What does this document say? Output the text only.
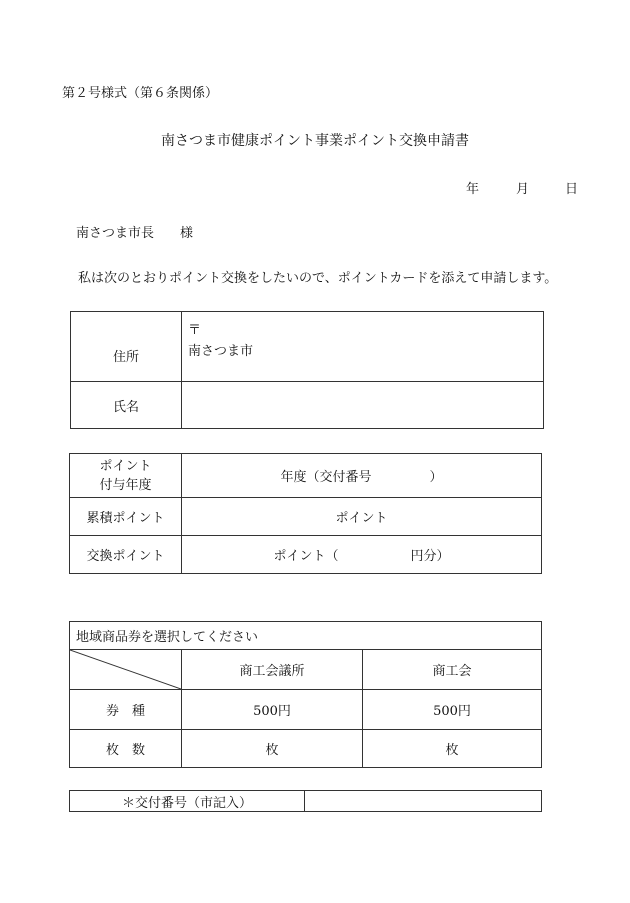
第２号様式（第６条関係）
南さつま市健康ポイント事業ポイント交換申請書
年	月	日
南さつま市長　　様
私は次のとおりポイント交換をしたいので、ポイントカードを添えて申請します。
住所	〒
南さつま市

氏名	
ポイント
付与年度	年度（交付番号 ）
累積ポイント	ポイント
交換ポイント	ポイント（ 円分）
地域商品券を選択してください		

	商工会議所	商工会
券　種	500円	500円
枚　数	枚	枚
＊交付番号（市記入）	
